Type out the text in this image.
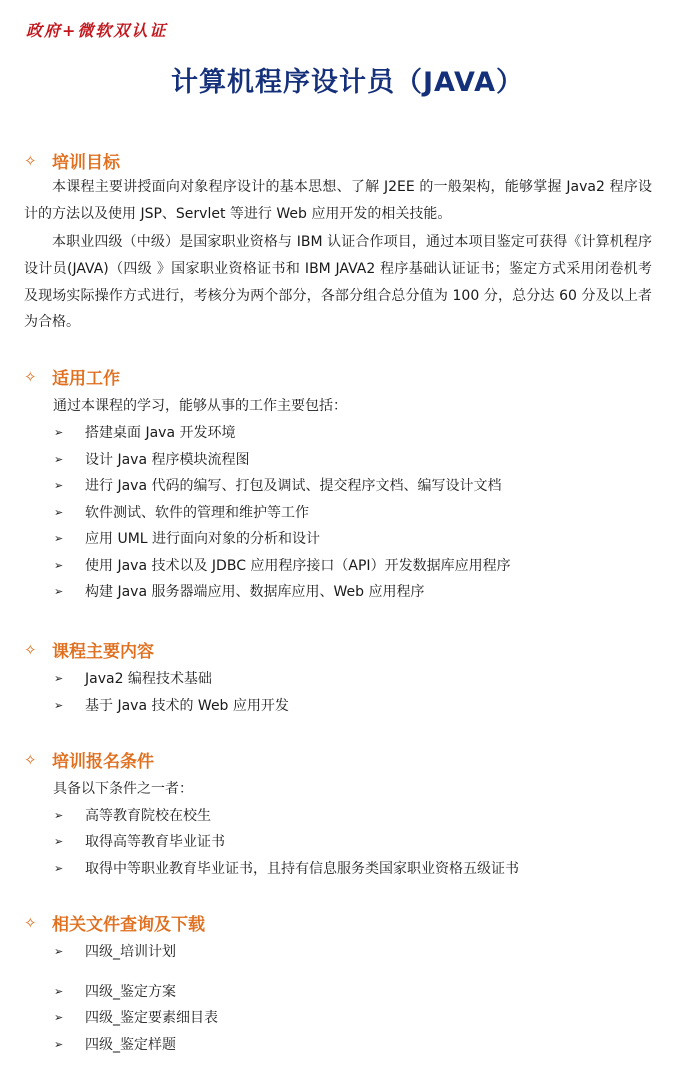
政府+微软双认证
计算机程序设计员（JAVA）
✧ 培训目标
本课程主要讲授面向对象程序设计的基本思想、了解 J2EE 的一般架构，能够掌握 Java2 程序设计的方法以及使用 JSP、Servlet 等进行 Web 应用开发的相关技能。
本职业四级（中级）是国家职业资格与 IBM 认证合作项目，通过本项目鉴定可获得《计算机程序设计员(JAVA)（四级 》国家职业资格证书和 IBM JAVA2 程序基础认证证书；鉴定方式采用闭卷机考及现场实际操作方式进行，考核分为两个部分，各部分组合总分值为 100 分，总分达 60 分及以上者为合格。
✧ 适用工作
通过本课程的学习，能够从事的工作主要包括：
➢	搭建桌面 Java 开发环境
➢	设计 Java 程序模块流程图
➢	进行 Java 代码的编写、打包及调试、提交程序文档、编写设计文档
➢	软件测试、软件的管理和维护等工作
➢	应用 UML 进行面向对象的分析和设计
➢	使用 Java 技术以及 JDBC 应用程序接口（API）开发数据库应用程序
➢	构建 Java 服务器端应用、数据库应用、Web 应用程序
✧ 课程主要内容
➢	Java2 编程技术基础
➢	基于 Java 技术的 Web 应用开发
✧ 培训报名条件
具备以下条件之一者：
➢	高等教育院校在校生
➢	取得高等教育毕业证书
➢	取得中等职业教育毕业证书，且持有信息服务类国家职业资格五级证书
✧ 相关文件查询及下载
➢	四级_培训计划
➢	四级_鉴定方案
➢	四级_鉴定要素细目表
➢	四级_鉴定样题
